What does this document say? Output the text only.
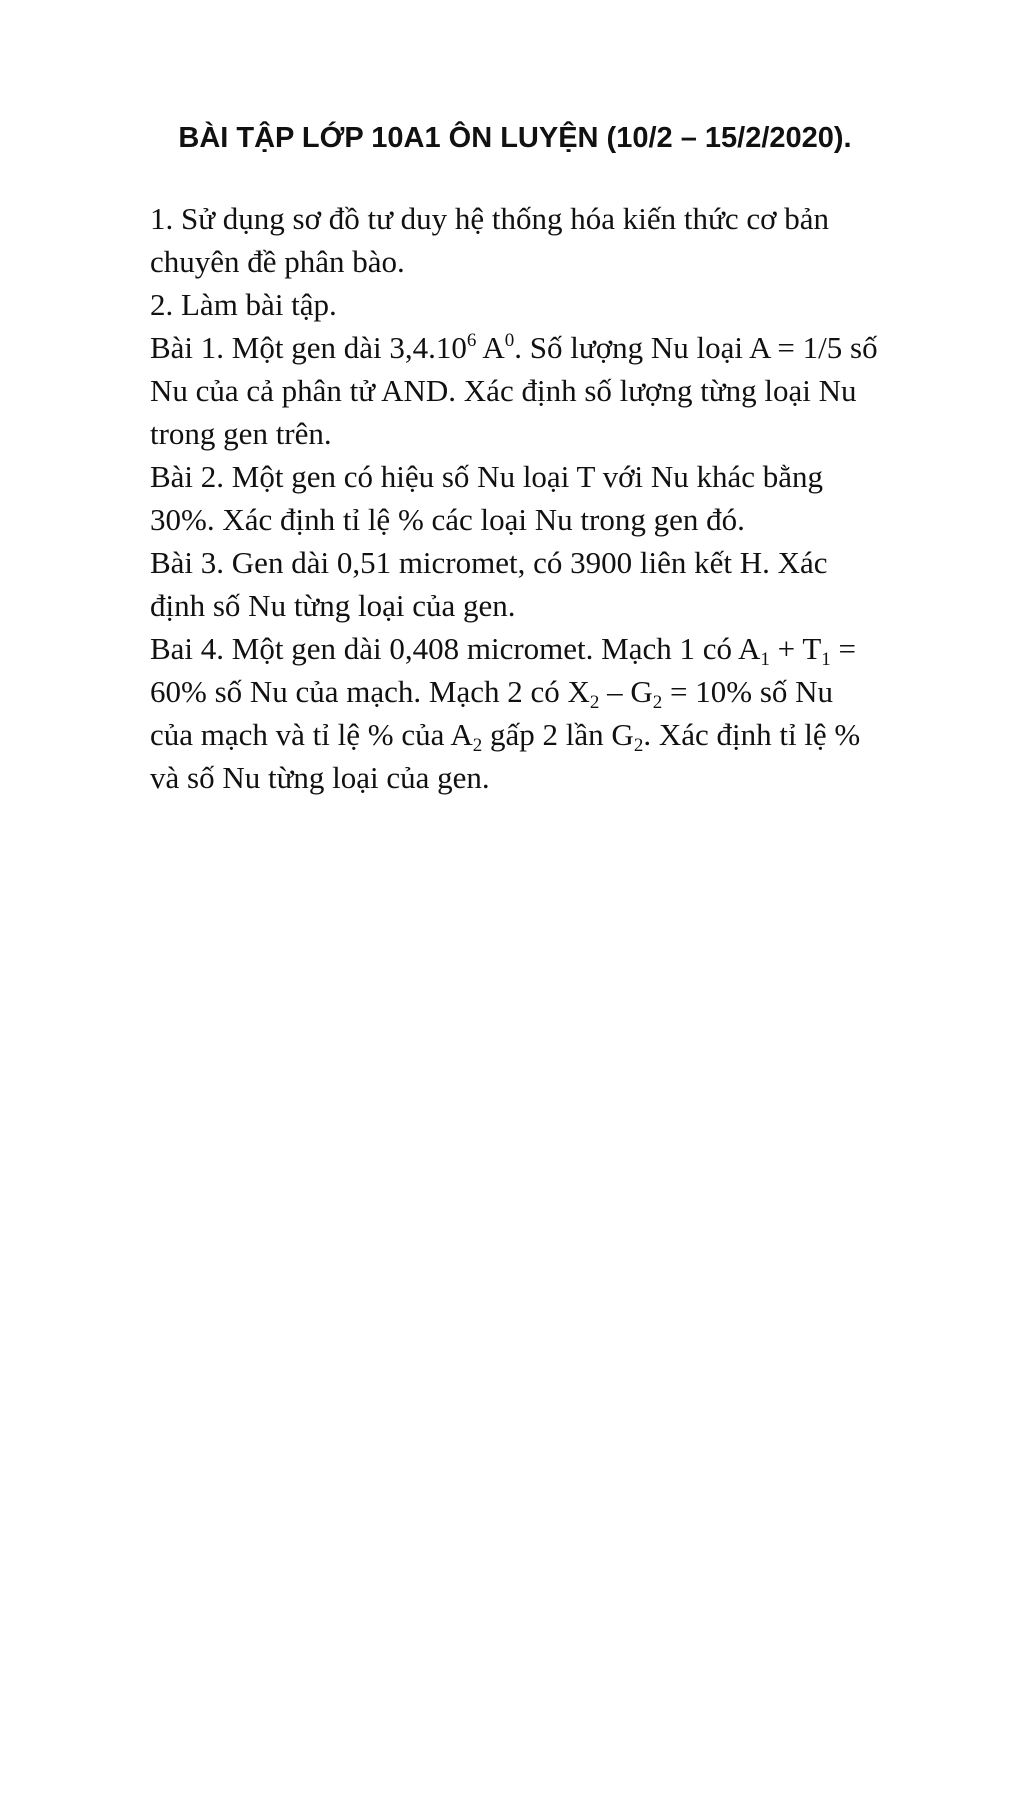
BÀI TẬP LỚP 10A1 ÔN LUYỆN (10/2 – 15/2/2020).

1. Sử dụng sơ đồ tư duy hệ thống hóa kiến thức cơ bản chuyên đề phân bào.

2. Làm bài tập.

Bài 1. Một gen dài 3,4.10$^6$ $A^0$. Số lượng Nu loại A = 1/5 số Nu của cả phân tử AND. Xác định số lượng từng loại Nu trong gen trên.

Bài 2. Một gen có hiệu số Nu loại T với Nu khác bằng 30%. Xác định tỉ lệ % các loại Nu trong gen đó.

Bài 3. Gen dài 0,51 micromet, có 3900 liên kết H. Xác định số Nu từng loại của gen.

Bai 4. Một gen dài 0,408 micromet. Mạch 1 có $A_1 + T_1 = 60\%$ số Nu của mạch. Mạch 2 có $X_2 - G_2 = 10\%$ số Nu của mạch và tỉ lệ % của $A_2$ gấp 2 lần $G_2$. Xác định tỉ lệ % và số Nu từng loại của gen.
